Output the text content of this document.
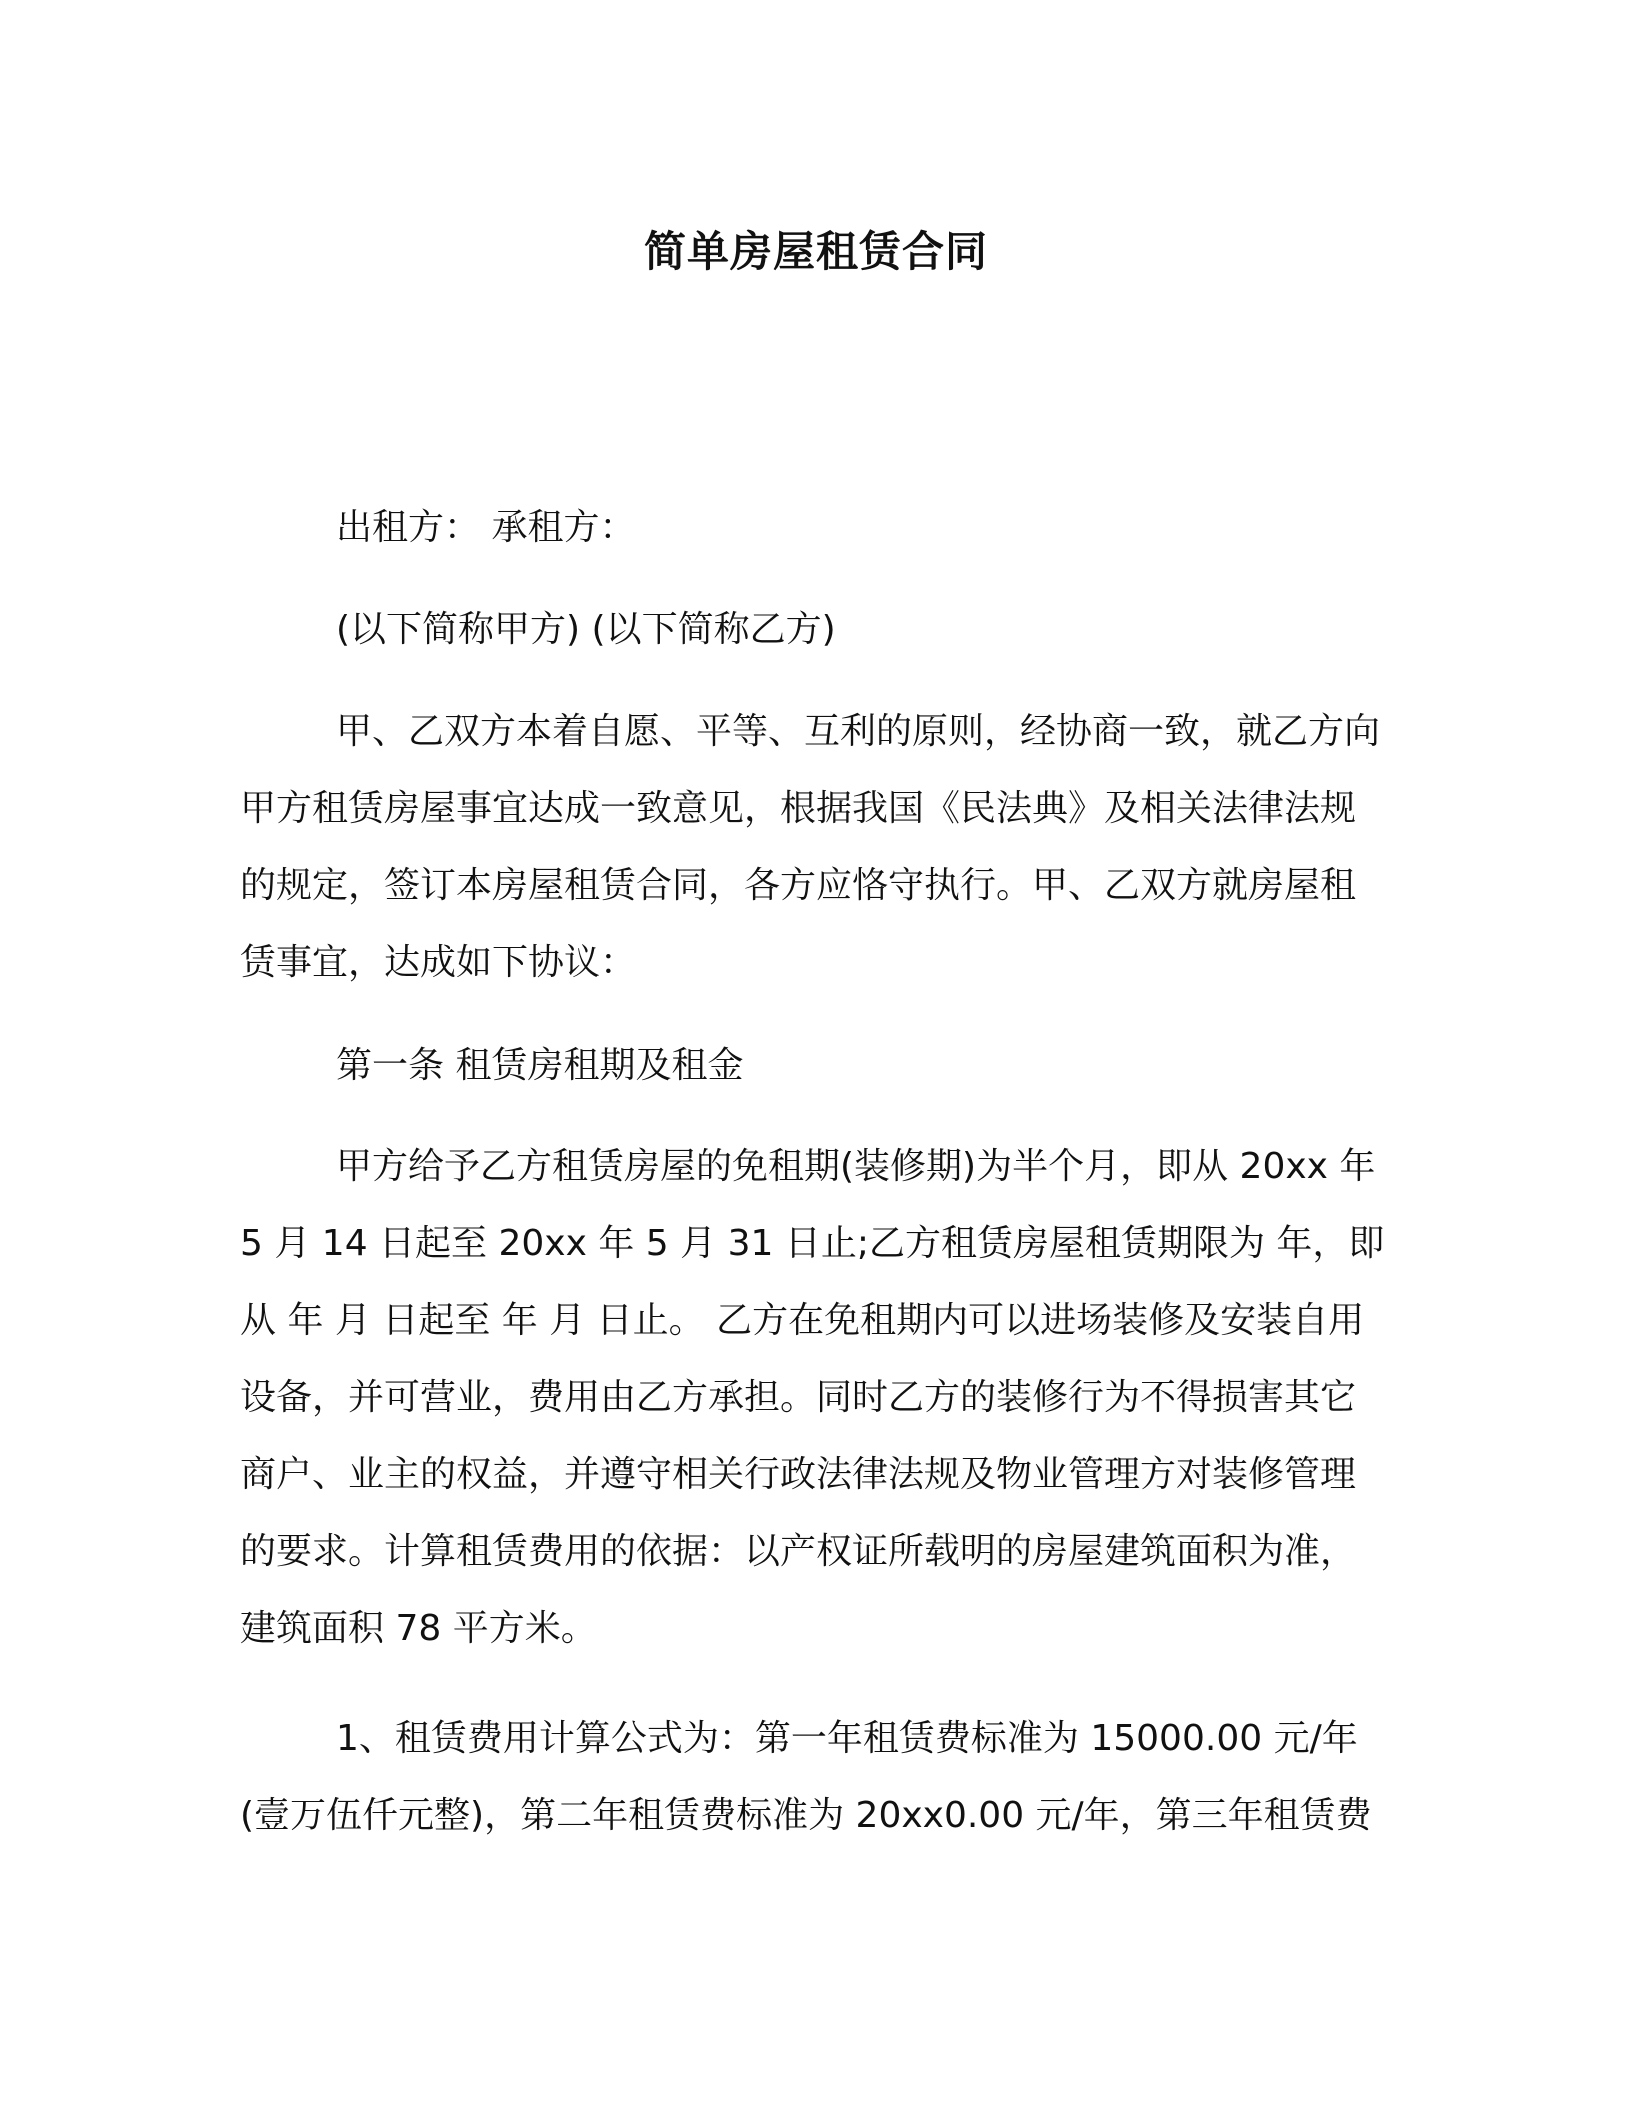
简单房屋租赁合同

出租方： 承租方：

(以下简称甲方) (以下简称乙方)

甲、乙双方本着自愿、平等、互利的原则，经协商一致，就乙方向甲方租赁房屋事宜达成一致意见，根据我国《民法典》及相关法律法规的规定，签订本房屋租赁合同，各方应恪守执行。甲、乙双方就房屋租赁事宜，达成如下协议：

第一条 租赁房租期及租金

甲方给予乙方租赁房屋的免租期(装修期)为半个月，即从 20xx 年 5 月 14 日起至 20xx 年 5 月 31 日止;乙方租赁房屋租赁期限为 年，即从 年 月 日起至 年 月 日止。 乙方在免租期内可以进场装修及安装自用设备，并可营业，费用由乙方承担。同时乙方的装修行为不得损害其它商户、业主的权益，并遵守相关行政法律法规及物业管理方对装修管理的要求。计算租赁费用的依据：以产权证所载明的房屋建筑面积为准，建筑面积 78 平方米。

1、租赁费用计算公式为：第一年租赁费标准为 15000.00 元/年(壹万伍仟元整)，第二年租赁费标准为 20xx0.00 元/年，第三年租赁费
